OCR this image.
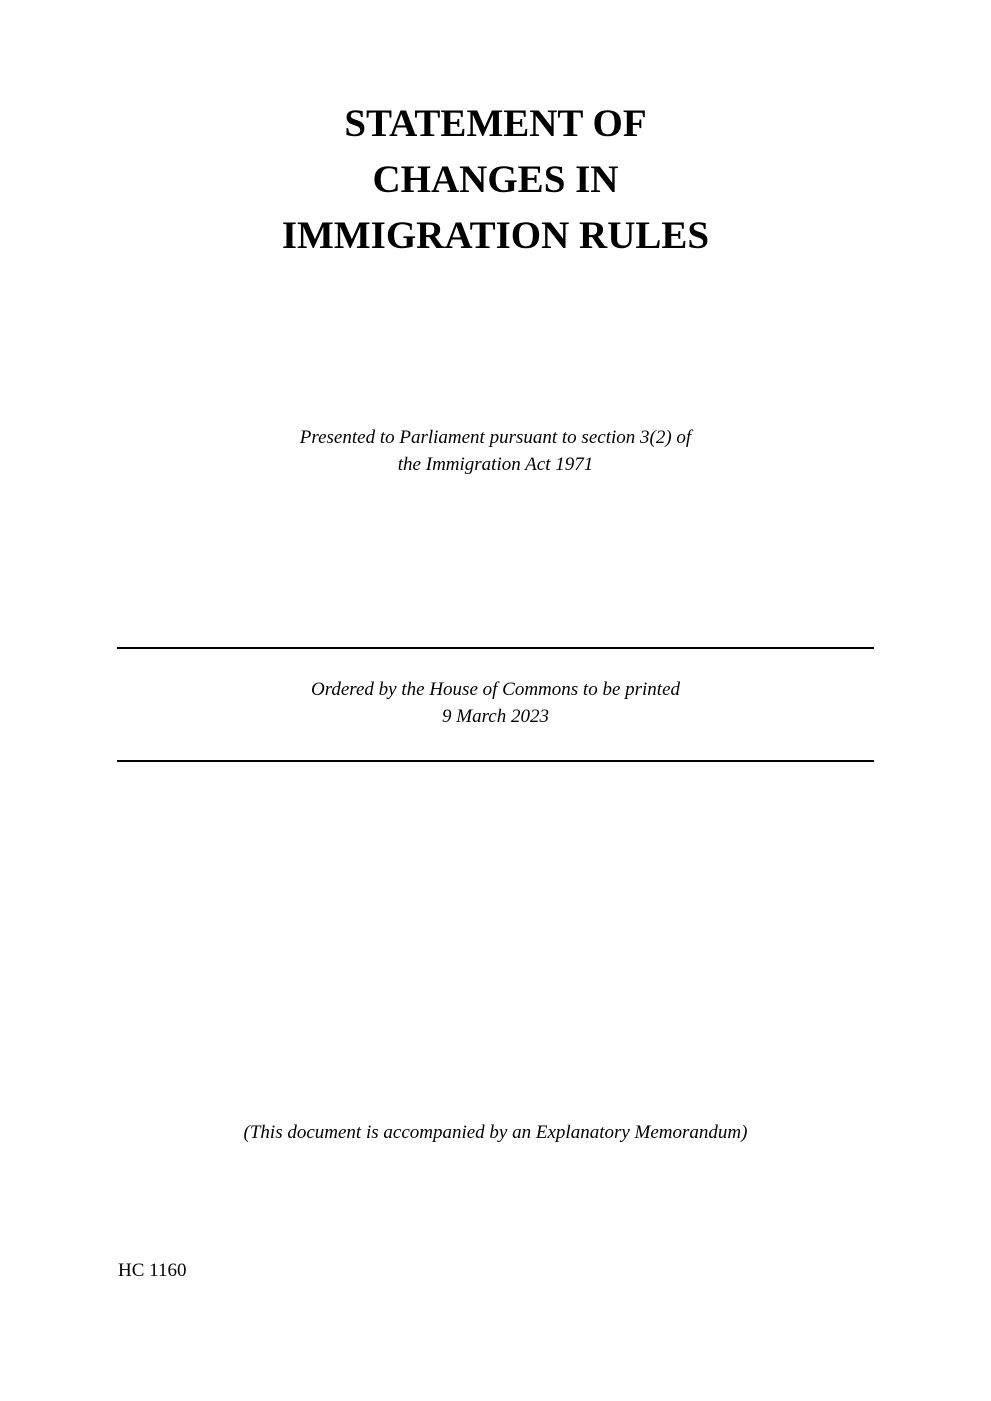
STATEMENT OF
CHANGES IN
IMMIGRATION RULES
Presented to Parliament pursuant to section 3(2) of
the Immigration Act 1971
Ordered by the House of Commons to be printed
9 March 2023
(This document is accompanied by an Explanatory Memorandum)
HC 1160
